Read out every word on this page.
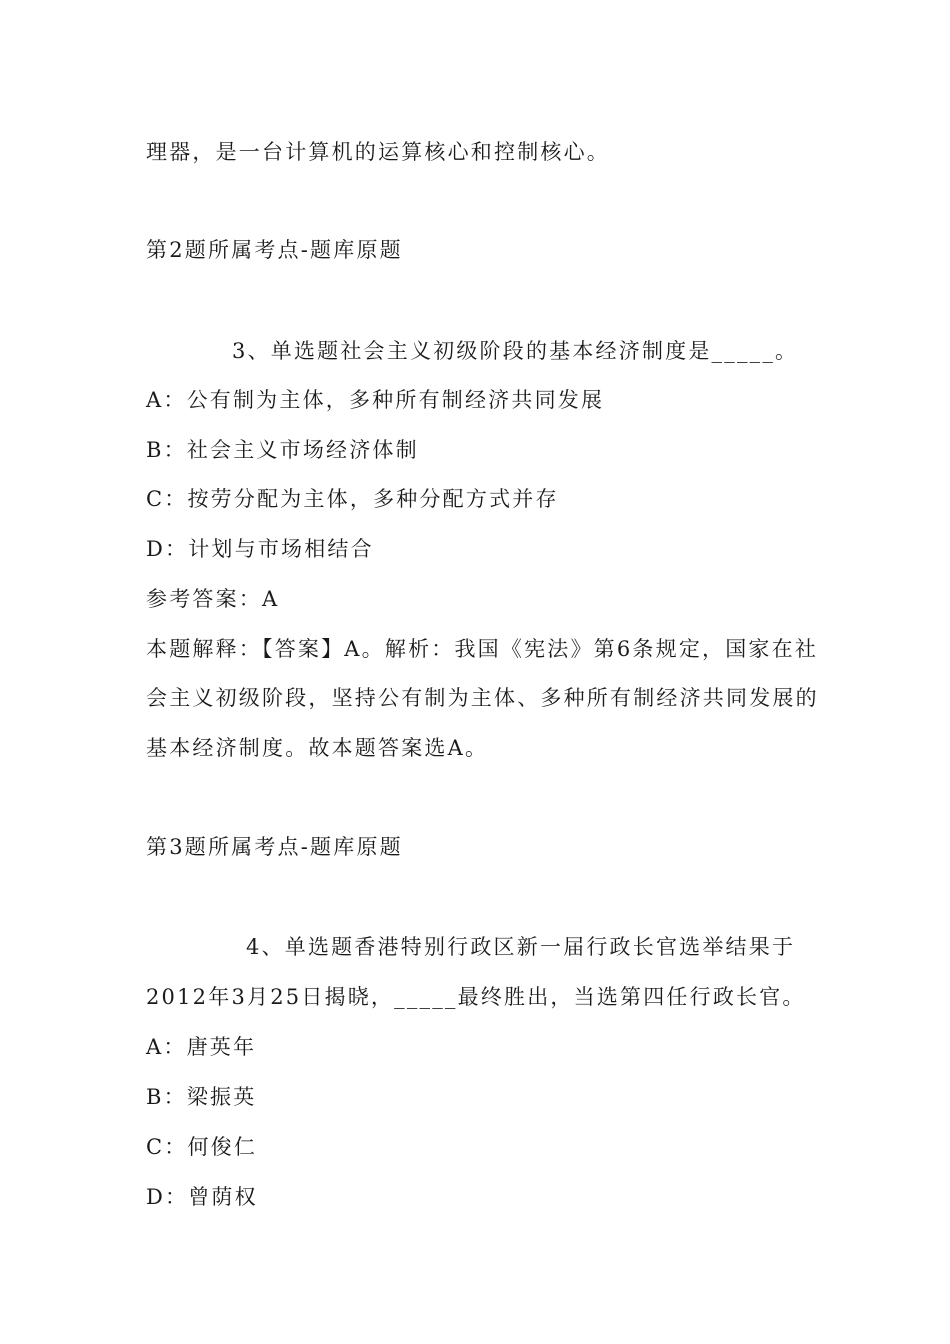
理器，是一台计算机的运算核心和控制核心。
第2题所属考点-题库原题
3、单选题社会主义初级阶段的基本经济制度是_____。
A：公有制为主体，多种所有制经济共同发展
B：社会主义市场经济体制
C：按劳分配为主体，多种分配方式并存
D：计划与市场相结合
参考答案：A
本题解释：【答案】A。解析：我国《宪法》第6条规定，国家在社
会主义初级阶段，坚持公有制为主体、多种所有制经济共同发展的
基本经济制度。故本题答案选A。
第3题所属考点-题库原题
4、单选题香港特别行政区新一届行政长官选举结果于
2012年3月25日揭晓，_____最终胜出，当选第四任行政长官。
A：唐英年
B：梁振英
C：何俊仁
D：曾荫权
